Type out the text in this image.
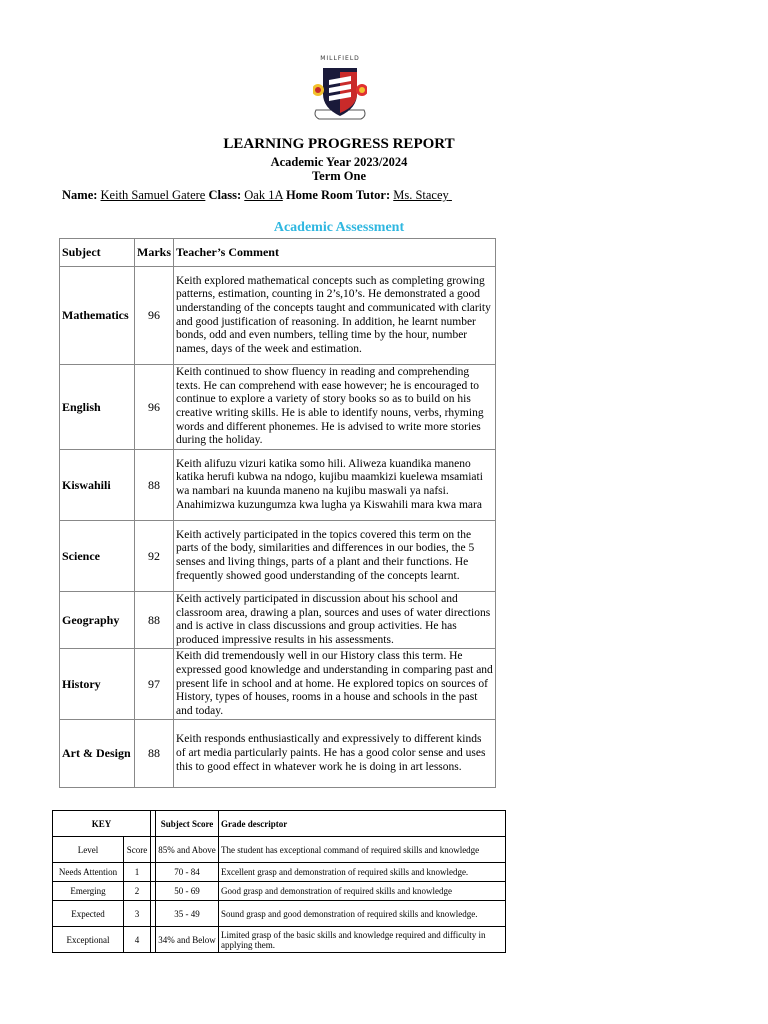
MILLFIELD
LEARNING PROGRESS REPORT
Academic Year 2023/2024
Term One
Name: Keith Samuel Gatere Class: Oak 1A Home Room Tutor: Ms. Stacey
Academic Assessment
Subject	Marks	Teacher’s Comment
Mathematics	96	Keith explored mathematical concepts such as completing growing patterns, estimation, counting in 2’s,10’s. He demonstrated a good understanding of the concepts taught and communicated with clarity and good justification of reasoning. In addition, he learnt number bonds, odd and even numbers, telling time by the hour, number names, days of the week and estimation.
English	96	Keith continued to show fluency in reading and comprehending texts. He can comprehend with ease however; he is encouraged to continue to explore a variety of story books so as to build on his creative writing skills. He is able to identify nouns, verbs, rhyming words and different phonemes. He is advised to write more stories during the holiday.
Kiswahili	88	Keith alifuzu vizuri katika somo hili. Aliweza kuandika maneno katika herufi kubwa na ndogo, kujibu maamkizi kuelewa msamiati wa nambari na kuunda maneno na kujibu maswali ya nafsi. Anahimizwa kuzungumza kwa lugha ya Kiswahili mara kwa mara
Science	92	Keith actively participated in the topics covered this term on the parts of the body, similarities and differences in our bodies, the 5 senses and living things, parts of a plant and their functions. He frequently showed good understanding of the concepts learnt.
Geography	88	Keith actively participated in discussion about his school and classroom area, drawing a plan, sources and uses of water directions and is active in class discussions and group activities. He has produced impressive results in his assessments.
History	97	Keith did tremendously well in our History class this term. He expressed good knowledge and understanding in comparing past and present life in school and at home. He explored topics on sources of History, types of houses, rooms in a house and schools in the past and today.
Art & Design	88	Keith responds enthusiastically and expressively to different kinds of art media particularly paints. He has a good color sense and uses this to good effect in whatever work he is doing in art lessons.
KEY			Subject Score	Grade descriptor
Level	Score		85% and Above	The student has exceptional command of required skills and knowledge
Needs Attention	1		70 - 84	Excellent grasp and demonstration of required skills and knowledge.
Emerging	2		50 - 69	Good grasp and demonstration of required skills and knowledge
Expected	3		35 - 49	Sound grasp and good demonstration of required skills and knowledge.
Exceptional	4		34% and Below	Limited grasp of the basic skills and knowledge required and difficulty in applying them.
